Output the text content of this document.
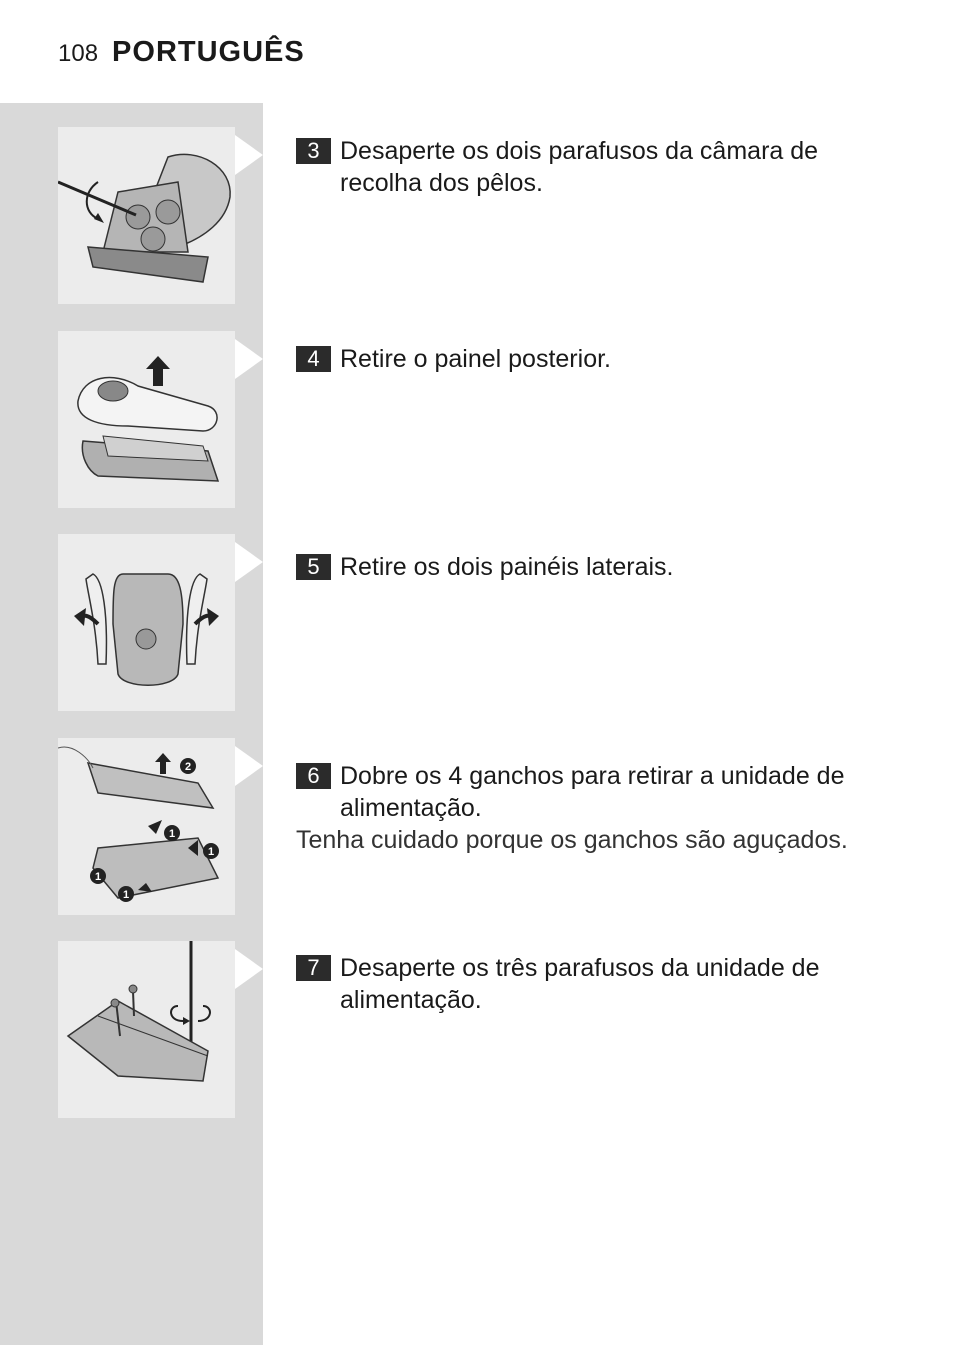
108 PORTUGUÊS
3 Desaperte os dois parafusos da câmara de
recolha dos pêlos.
4 Retire o painel posterior.
5 Retire os dois painéis laterais.
2
1
1
1
1
6 Dobre os 4 ganchos para retirar a unidade de
alimentação.
Tenha cuidado porque os ganchos são aguçados.
7 Desaperte os três parafusos da unidade de
alimentação.
